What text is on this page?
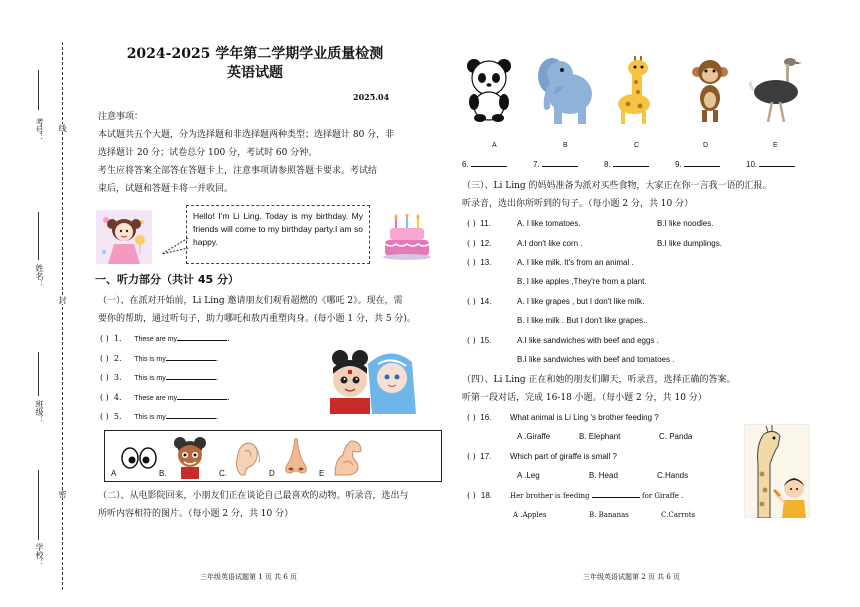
考号：
姓名：
班级：
学校：
线
封
密
2024-2025 学年第二学期学业质量检测
英语试题
2025.04

注意事项：

本试题共五个大题，分为选择题和非选择题两种类型；选择题计 80 分，非

选择题计 20 分；试卷总分 100 分，考试时 60 分钟。

考生应将答案全部答在答题卡上，注意事项请参照答题卡要求。考试结

束后，试题和答题卡将一并收回。

Hello! I'm Li Ling. Today is my birthday. My friends will come to my birthday party.I am so happy.
一、听力部分（共计 45 分）
（一）、在派对开始前，Li Ling 邀请朋友们观看超燃的《哪吒 2》。现在，需
要你的帮助，通过听句子，助力哪吒和敖丙重塑肉身。(每小题 1 分，共 5 分)。
( ) 1. These are my	.
( ) 2. This is my	.
( ) 3. This is my	.
( ) 4. These are my	.
( ) 5. This is my	.
A	B.	C.	D	E
（二）、从电影院回来，小朋友们正在谈论自己最喜欢的动物。听录音，选出与
所听内容相符的图片。（每小题 2 分，共 10 分）
三年级英语试题第 1 页 共 6 页
A	B	C	D	E
6.	7.	8.	9.	10.
（三）、Li Ling 的妈妈准备为派对买些食物，大家正在你一言我一语的汇报。
听录音，选出你所听到的句子。（每小题 2 分，共 10 分）
( ) 11.	A. I like tomatoes.	B.I like noodles.
( ) 12.	A.I don't like corn .	B.I like dumplings.
( ) 13.	A. I like milk. It's from an animal .
B. I like apples ,They're from a plant.
( ) 14.	A. I like grapes , but I don't like milk.
B. I like milk . But I don't like grapes..
( ) 15.	A.I like sandwiches with beef and eggs .
B.I like sandwiches with beef and tomatoes .
（四）、Li Ling 正在和她的朋友们聊天，听录音，选择正确的答案。
听第一段对话，完成 16-18 小题。（每小题 2 分，共 10 分）
( ) 16. What animal is Li Ling 's brother feeding ?
A .Giraffe	B. Elephant	C. Panda
( ) 17. Which part of giraffe is small ?
A .Leg	B. Head	C.Hands
( ) 18.	Her brother is feeding	for Giraffe .
A .Apples	B. Bananas	C.Carrots
三年级英语试题第 2 页 共 6 页
